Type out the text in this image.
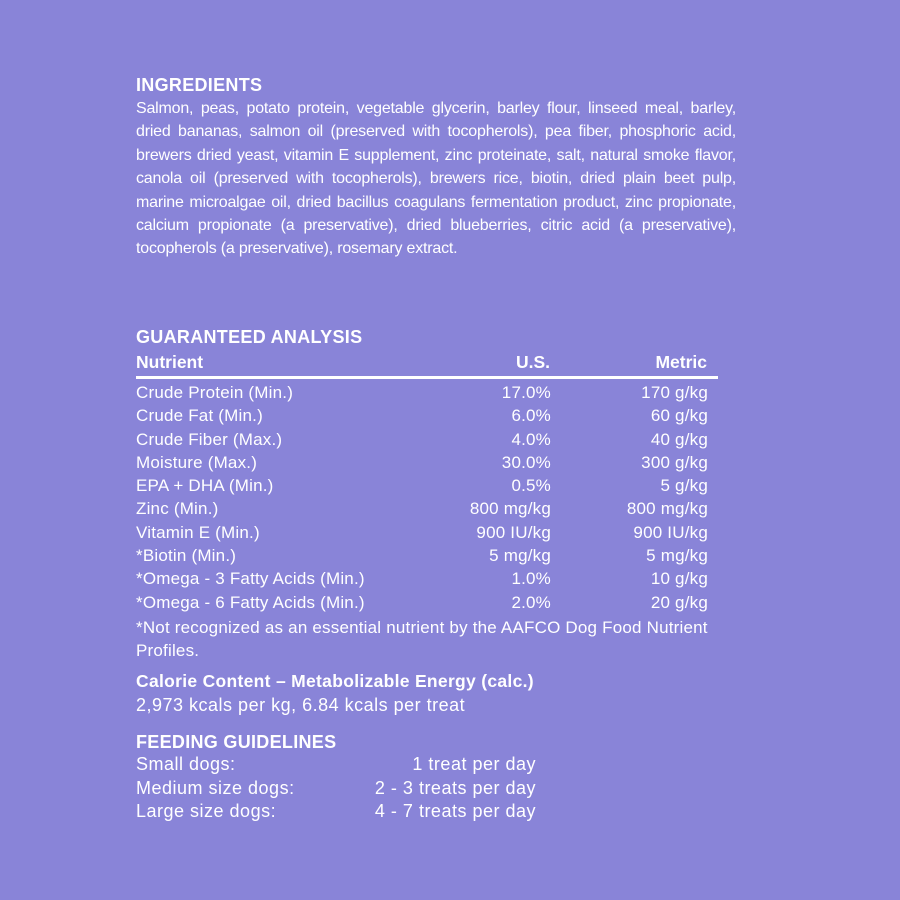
INGREDIENTS
Salmon, peas, potato protein, vegetable glycerin, barley flour, linseed meal, barley, dried bananas, salmon oil (preserved with tocopherols), pea fiber, phosphoric acid, brewers dried yeast, vitamin E supplement, zinc proteinate, salt, natural smoke flavor, canola oil (preserved with tocopherols), brewers rice, biotin, dried plain beet pulp, marine microalgae oil, dried bacillus coagulans fermentation product, zinc propionate, calcium propionate (a preservative), dried blueberries, citric acid (a preservative), tocopherols (a preservative), rosemary extract.
GUARANTEED ANALYSIS
Nutrient	U.S.	Metric
Crude Protein (Min.)	17.0%	170 g/kg
Crude Fat (Min.)	6.0%	60 g/kg
Crude Fiber (Max.)	4.0%	40 g/kg
Moisture (Max.)	30.0%	300 g/kg
EPA + DHA (Min.)	0.5%	5 g/kg
Zinc (Min.)	800 mg/kg	800 mg/kg
Vitamin E (Min.)	900 IU/kg	900 IU/kg
*Biotin (Min.)	5 mg/kg	5 mg/kg
*Omega - 3 Fatty Acids (Min.)	1.0%	10 g/kg
*Omega - 6 Fatty Acids (Min.)	2.0%	20 g/kg
*Not recognized as an essential nutrient by the AAFCO Dog Food Nutrient Profiles.
Calorie Content – Metabolizable Energy (calc.)
2,973 kcals per kg, 6.84 kcals per treat
FEEDING GUIDELINES
Small dogs:	1 treat per day
Medium size dogs:	2 - 3 treats per day
Large size dogs:	4 - 7 treats per day
